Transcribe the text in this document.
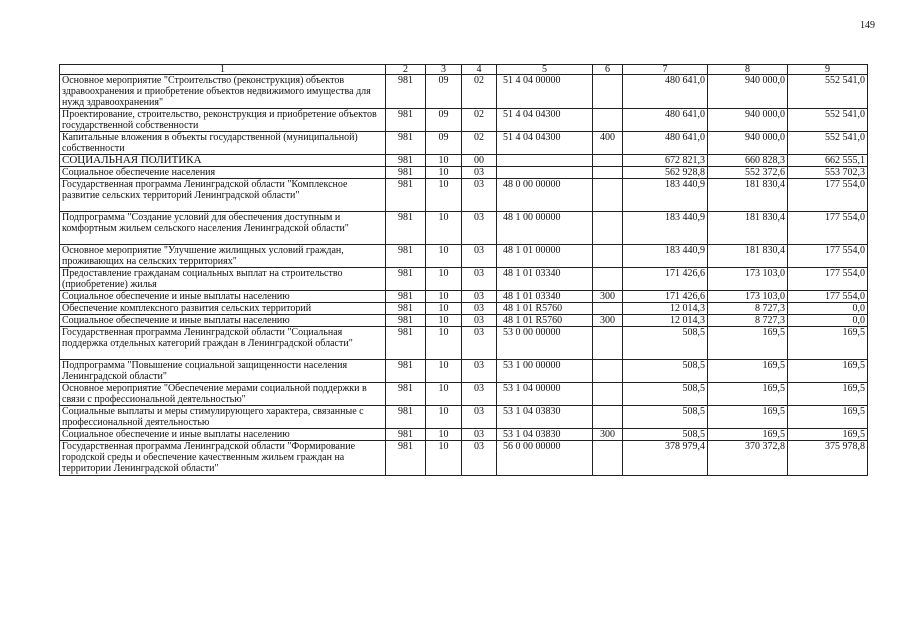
149
1	2	3	4	5	6	7	8	9
Основное мероприятие "Строительство (реконструкция) объектов здравоохранения и приобретение объектов недвижимого имущества для нужд здравоохранения"	981	09	02	51 4 04 00000		480 641,0	940 000,0	552 541,0
Проектирование, строительство, реконструкция и приобретение объектов государственной собственности	981	09	02	51 4 04 04300		480 641,0	940 000,0	552 541,0
Капитальные вложения в объекты государственной (муниципальной) собственности	981	09	02	51 4 04 04300	400	480 641,0	940 000,0	552 541,0
СОЦИАЛЬНАЯ ПОЛИТИКА	981	10	00			672 821,3	660 828,3	662 555,1
Социальное обеспечение населения	981	10	03			562 928,8	552 372,6	553 702,3
Государственная программа Ленинградской области "Комплексное развитие сельских территорий Ленинградской области"	981	10	03	48 0 00 00000		183 440,9	181 830,4	177 554,0
Подпрограмма "Создание условий для обеспечения доступным и комфортным жильем сельского населения Ленинградской области"	981	10	03	48 1 00 00000		183 440,9	181 830,4	177 554,0
Основное мероприятие "Улучшение жилищных условий граждан, проживающих на сельских территориях"	981	10	03	48 1 01 00000		183 440,9	181 830,4	177 554,0
Предоставление гражданам социальных выплат на строительство (приобретение) жилья	981	10	03	48 1 01 03340		171 426,6	173 103,0	177 554,0
Социальное обеспечение и иные выплаты населению	981	10	03	48 1 01 03340	300	171 426,6	173 103,0	177 554,0
Обеспечение комплексного развития сельских территорий	981	10	03	48 1 01 R5760		12 014,3	8 727,3	0,0
Социальное обеспечение и иные выплаты населению	981	10	03	48 1 01 R5760	300	12 014,3	8 727,3	0,0
Государственная программа Ленинградской области "Социальная поддержка отдельных категорий граждан в Ленинградской области"	981	10	03	53 0 00 00000		508,5	169,5	169,5
Подпрограмма "Повышение социальной защищенности населения Ленинградской области"	981	10	03	53 1 00 00000		508,5	169,5	169,5
Основное мероприятие "Обеспечение мерами социальной поддержки в связи с профессиональной деятельностью"	981	10	03	53 1 04 00000		508,5	169,5	169,5
Социальные выплаты и меры стимулирующего характера, связанные с профессиональной деятельностью	981	10	03	53 1 04 03830		508,5	169,5	169,5
Социальное обеспечение и иные выплаты населению	981	10	03	53 1 04 03830	300	508,5	169,5	169,5
Государственная программа Ленинградской области "Формирование городской среды и обеспечение качественным жильем граждан на территории Ленинградской области"	981	10	03	56 0 00 00000		378 979,4	370 372,8	375 978,8
